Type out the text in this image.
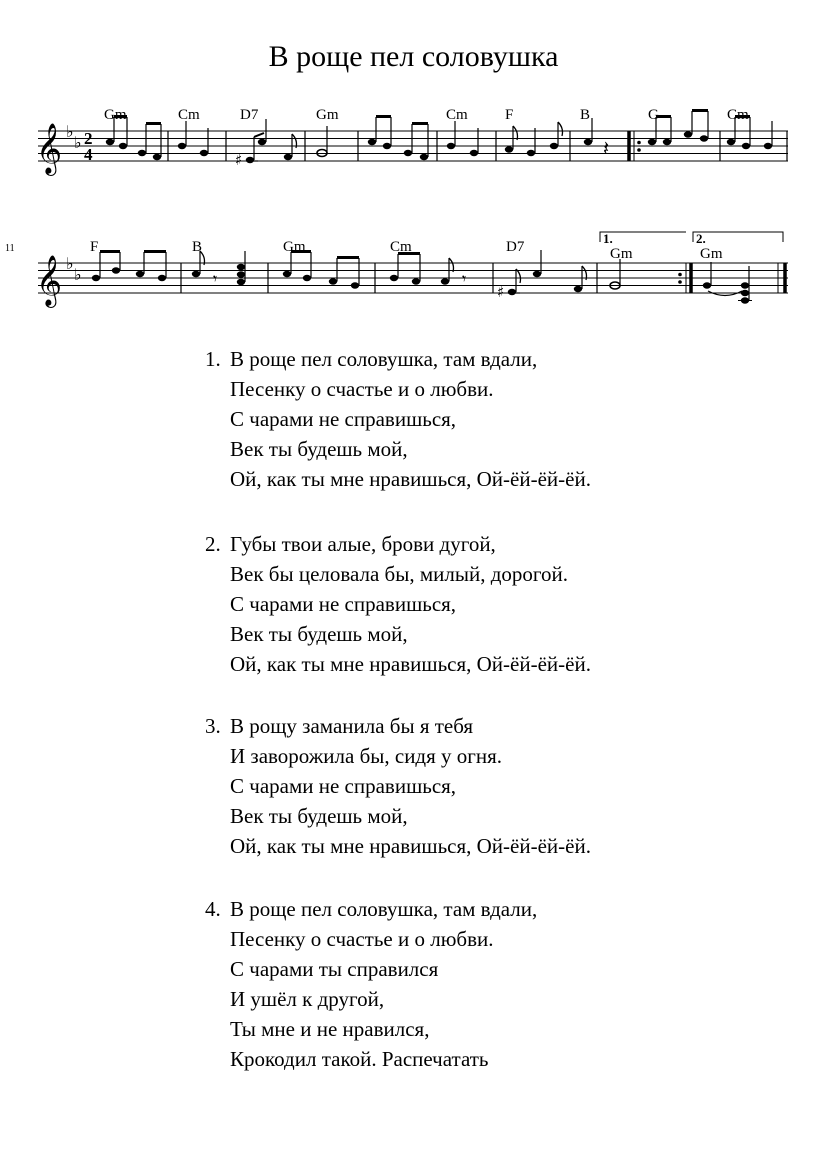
В роще пел соловушка
𝄞 ♭
♭ 2
4	♯	𝄽
Gm	Cm	D7	Gm	Cm F	B	G	Cm
11
𝄞 ♭
♭
1.	2.
𝄾	𝄾
♯
F	B	Gm	Cm	D7	Gm	Gm
1. В роще пел соловушка, там вдали,
Песенку о счастье и о любви.
С чарами не справишься,
Век ты будешь мой,
Ой, как ты мне нравишься, Ой-ёй-ёй-ёй.
2. Губы твои алые, брови дугой,
Век бы целовала бы, милый, дорогой.
С чарами не справишься,
Век ты будешь мой,
Ой, как ты мне нравишься, Ой-ёй-ёй-ёй.
3. В рощу заманила бы я тебя
И заворожила бы, сидя у огня.
С чарами не справишься,
Век ты будешь мой,
Ой, как ты мне нравишься, Ой-ёй-ёй-ёй.
4. В роще пел соловушка, там вдали,
Песенку о счастье и о любви.
С чарами ты справился
И ушёл к другой,
Ты мне и не нравился,
Крокодил такой. Распечатать
